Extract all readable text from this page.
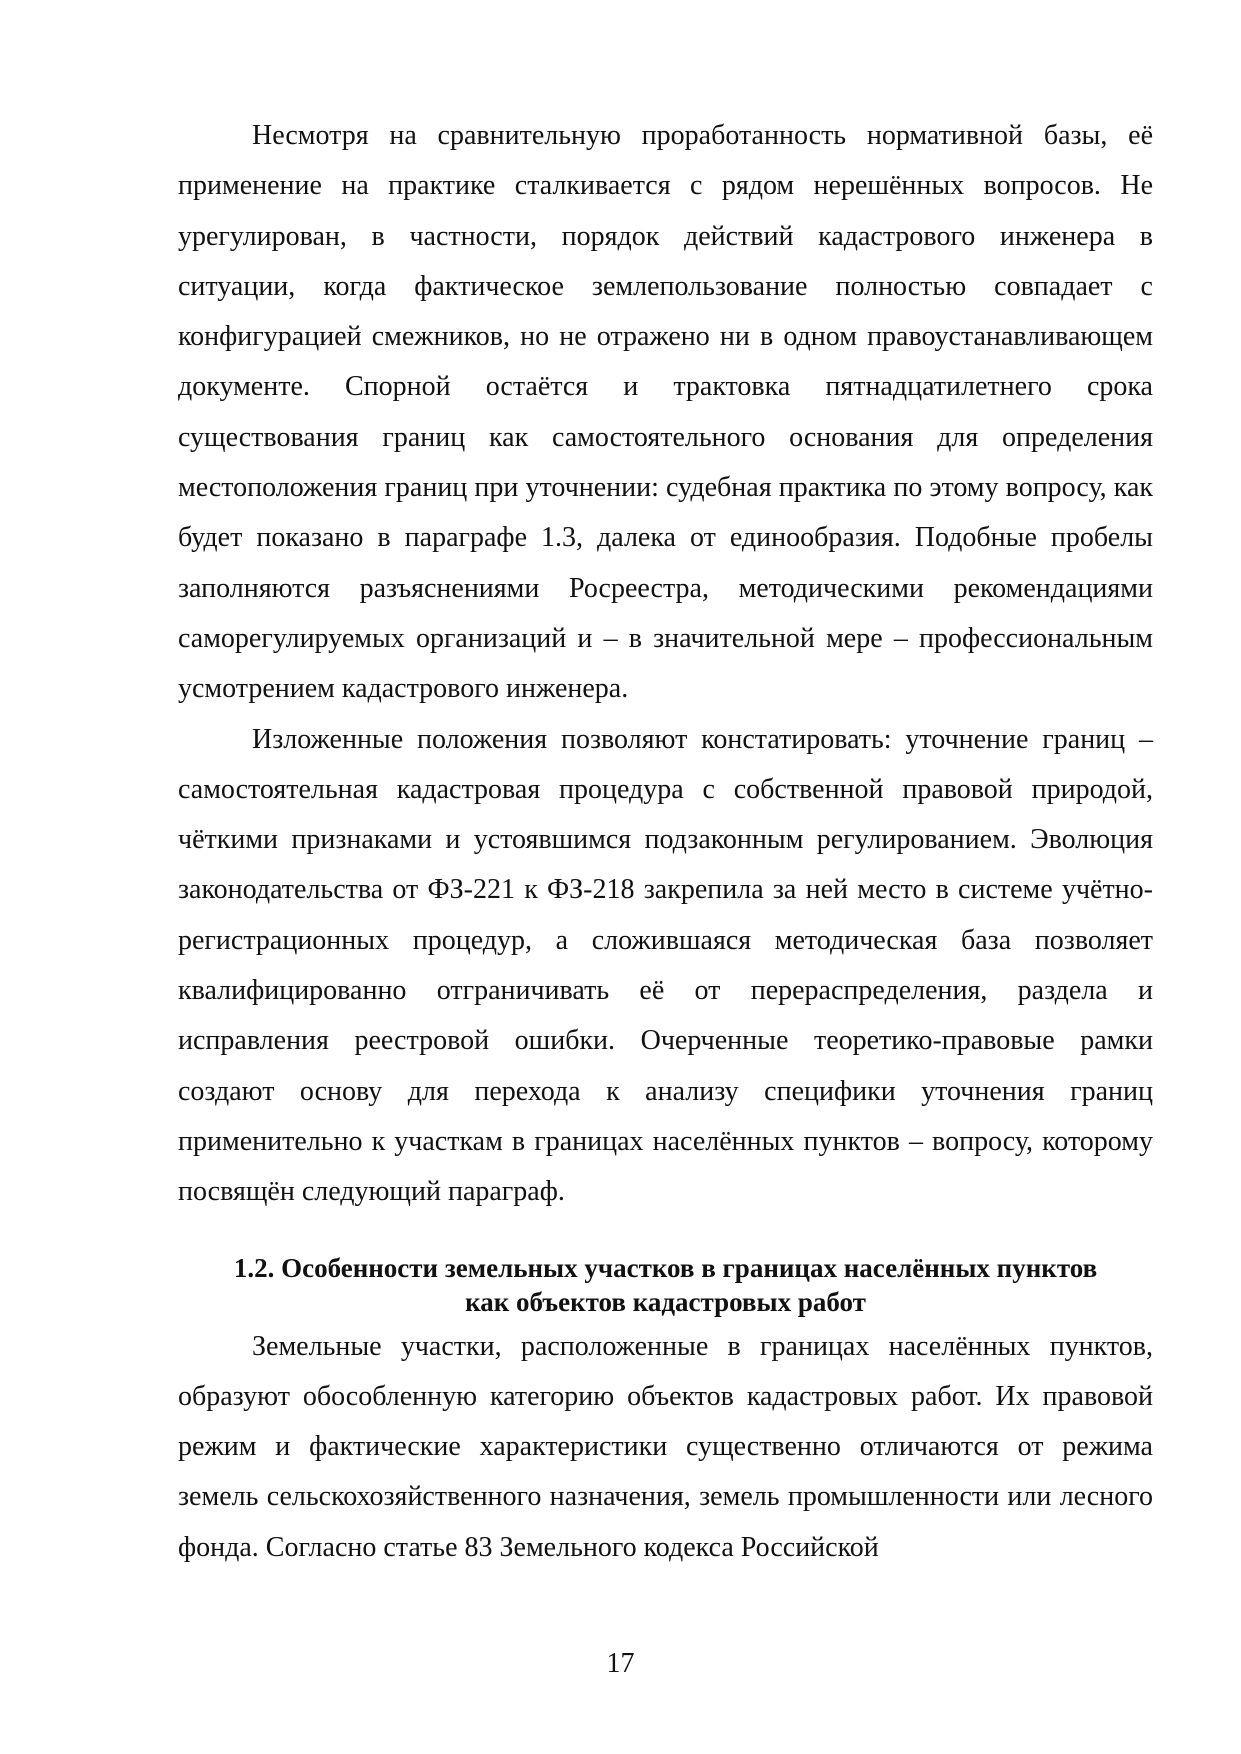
Несмотря на сравнительную проработанность нормативной базы, её применение на практике сталкивается с рядом нерешённых вопросов. Не урегулирован, в частности, порядок действий кадастрового инженера в ситуации, когда фактическое землепользование полностью совпадает с конфигурацией смежников, но не отражено ни в одном правоустанавливающем документе. Спорной остаётся и трактовка пятнадцатилетнего срока существования границ как самостоятельного основания для определения местоположения границ при уточнении: судебная практика по этому вопросу, как будет показано в параграфе 1.3, далека от единообразия. Подобные пробелы заполняются разъяснениями Росреестра, методическими рекомендациями саморегулируемых организаций и – в значительной мере – профессиональным усмотрением кадастрового инженера.

Изложенные положения позволяют констатировать: уточнение границ – самостоятельная кадастровая процедура с собственной правовой природой, чёткими признаками и устоявшимся подзаконным регулированием. Эволюция законодательства от ФЗ-221 к ФЗ-218 закрепила за ней место в системе учётно-регистрационных процедур, а сложившаяся методическая база позволяет квалифицированно отграничивать её от перераспределения, раздела и исправления реестровой ошибки. Очерченные теоретико-правовые рамки создают основу для перехода к анализу специфики уточнения границ применительно к участкам в границах населённых пунктов – вопросу, которому посвящён следующий параграф.

1.2. Особенности земельных участков в границах населённых пунктов
как объектов кадастровых работ

Земельные участки, расположенные в границах населённых пунктов, образуют обособленную категорию объектов кадастровых работ. Их правовой режим и фактические характеристики существенно отличаются от режима земель сельскохозяйственного назначения, земель промышленности или лесного фонда. Согласно статье 83 Земельного кодекса Российской

17
